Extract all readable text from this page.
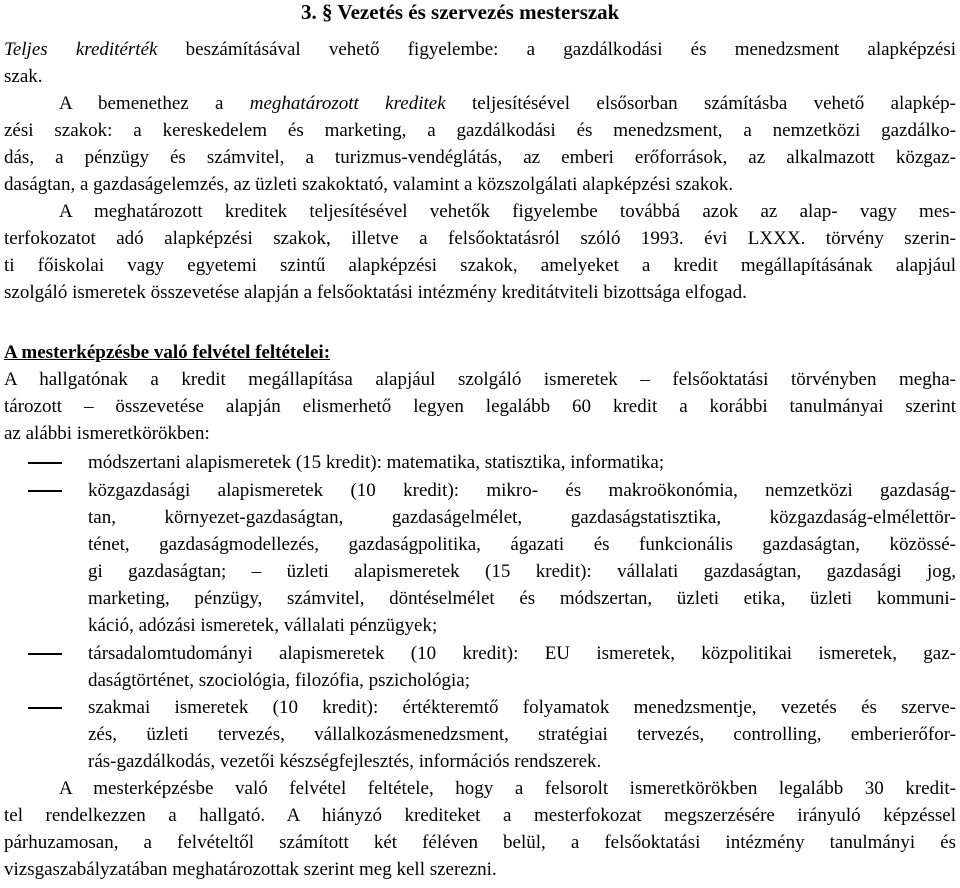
3. § Vezetés és szervezés mesterszak
Teljes kreditérték beszámításával vehető figyelembe: a gazdálkodási és menedzsment alapképzési
szak.
A bemenethez a meghatározott kreditek teljesítésével elsősorban számításba vehető alapkép-
zési szakok: a kereskedelem és marketing, a gazdálkodási és menedzsment, a nemzetközi gazdálko-
dás, a pénzügy és számvitel, a turizmus-vendéglátás, az emberi erőforrások, az alkalmazott közgaz-
daságtan, a gazdaságelemzés, az üzleti szakoktató, valamint a közszolgálati alapképzési szakok.
A meghatározott kreditek teljesítésével vehetők figyelembe továbbá azok az alap- vagy mes-
terfokozatot adó alapképzési szakok, illetve a felsőoktatásról szóló 1993. évi LXXX. törvény szerin-
ti főiskolai vagy egyetemi szintű alapképzési szakok, amelyeket a kredit megállapításának alapjául
szolgáló ismeretek összevetése alapján a felsőoktatási intézmény kreditátviteli bizottsága elfogad.
A mesterképzésbe való felvétel feltételei:
A hallgatónak a kredit megállapítása alapjául szolgáló ismeretek – felsőoktatási törvényben megha-
tározott – összevetése alapján elismerhető legyen legalább 60 kredit a korábbi tanulmányai szerint
az alábbi ismeretkörökben:
módszertani alapismeretek (15 kredit): matematika, statisztika, informatika;
közgazdasági alapismeretek (10 kredit): mikro- és makroökonómia, nemzetközi gazdaság-
tan, környezet-gazdaságtan, gazdaságelmélet, gazdaságstatisztika, közgazdaság-elmélettör-
ténet, gazdaságmodellezés, gazdaságpolitika, ágazati és funkcionális gazdaságtan, közössé-
gi gazdaságtan; – üzleti alapismeretek (15 kredit): vállalati gazdaságtan, gazdasági jog,
marketing, pénzügy, számvitel, döntéselmélet és módszertan, üzleti etika, üzleti kommuni-
káció, adózási ismeretek, vállalati pénzügyek;
társadalomtudományi alapismeretek (10 kredit): EU ismeretek, közpolitikai ismeretek, gaz-
daságtörténet, szociológia, filozófia, pszichológia;
szakmai ismeretek (10 kredit): értékteremtő folyamatok menedzsmentje, vezetés és szerve-
zés, üzleti tervezés, vállalkozásmenedzsment, stratégiai tervezés, controlling, emberierőfor-
rás-gazdálkodás, vezetői készségfejlesztés, információs rendszerek.
A mesterképzésbe való felvétel feltétele, hogy a felsorolt ismeretkörökben legalább 30 kredit-
tel rendelkezzen a hallgató. A hiányzó krediteket a mesterfokozat megszerzésére irányuló képzéssel
párhuzamosan, a felvételtől számított két féléven belül, a felsőoktatási intézmény tanulmányi és
vizsgaszabályzatában meghatározottak szerint meg kell szerezni.
